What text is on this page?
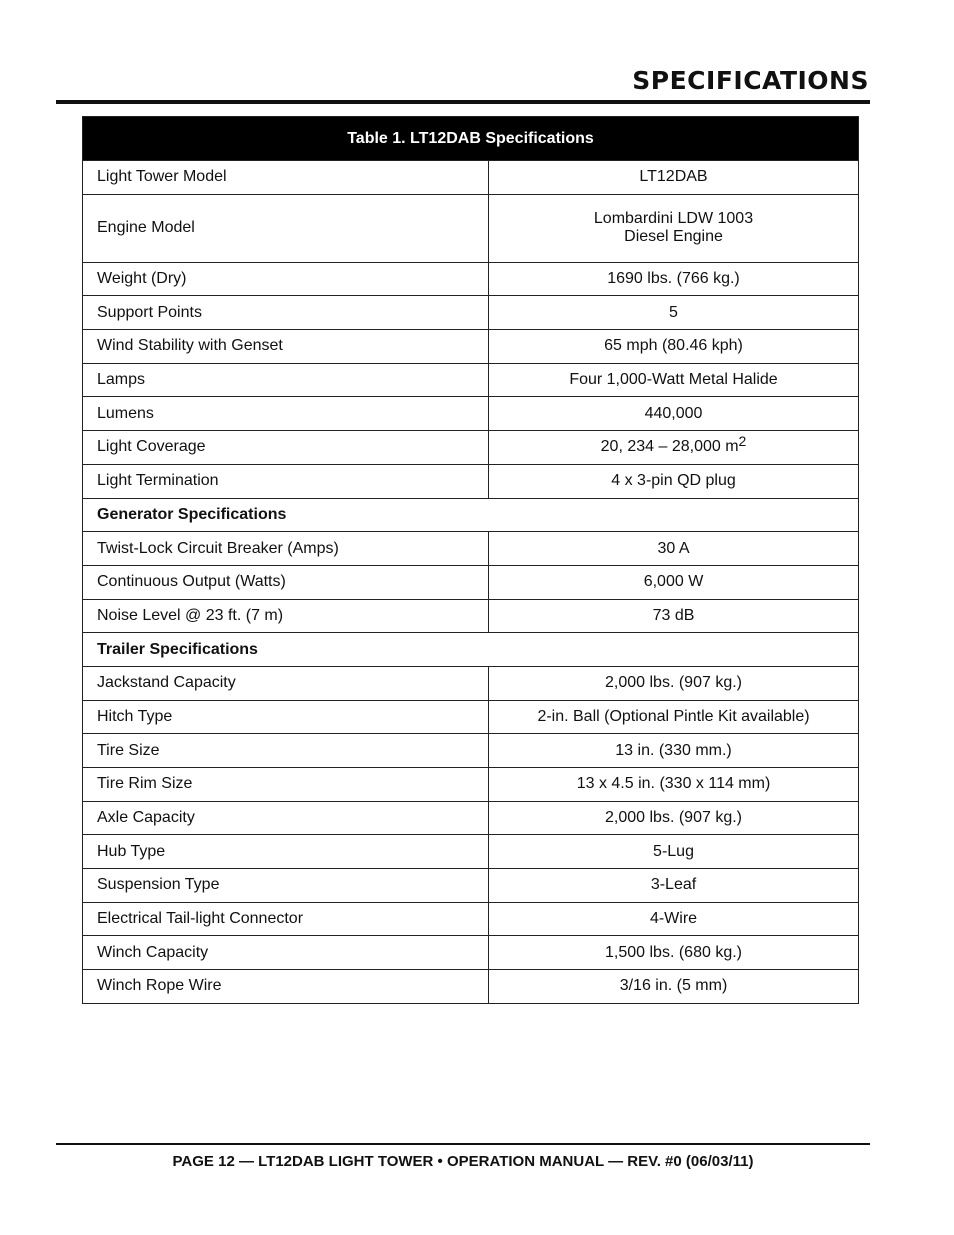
SPECIFICATIONS
Table 1. LT12DAB Specifications	
Light Tower Model	LT12DAB
Engine Model	Lombardini LDW 1003
Diesel Engine

Weight (Dry)	1690 lbs. (766 kg.)
Support Points	5
Wind Stability with Genset	65 mph (80.46 kph)
Lamps	Four 1,000-Watt Metal Halide
Lumens	440,000
Light Coverage	20, 234 – 28,000 $m^2$
Light Termination	4 x 3-pin QD plug
Generator Specifications	
Twist-Lock Circuit Breaker (Amps)	30 A
Continuous Output (Watts)	6,000 W
Noise Level @ 23 ft. (7 m)	73 dB
Trailer Specifications	
Jackstand Capacity	2,000 lbs. (907 kg.)
Hitch Type	2-in. Ball (Optional Pintle Kit available)
Tire Size	13 in. (330 mm.)
Tire Rim Size	13 x 4.5 in. (330 x 114 mm)
Axle Capacity	2,000 lbs. (907 kg.)
Hub Type	5-Lug
Suspension Type	3-Leaf
Electrical Tail-light Connector	4-Wire
Winch Capacity	1,500 lbs. (680 kg.)
Winch Rope Wire	3/16 in. (5 mm)

PAGE 12 — LT12DAB LIGHT TOWER • OPERATION MANUAL — REV. #0 (06/03/11)
